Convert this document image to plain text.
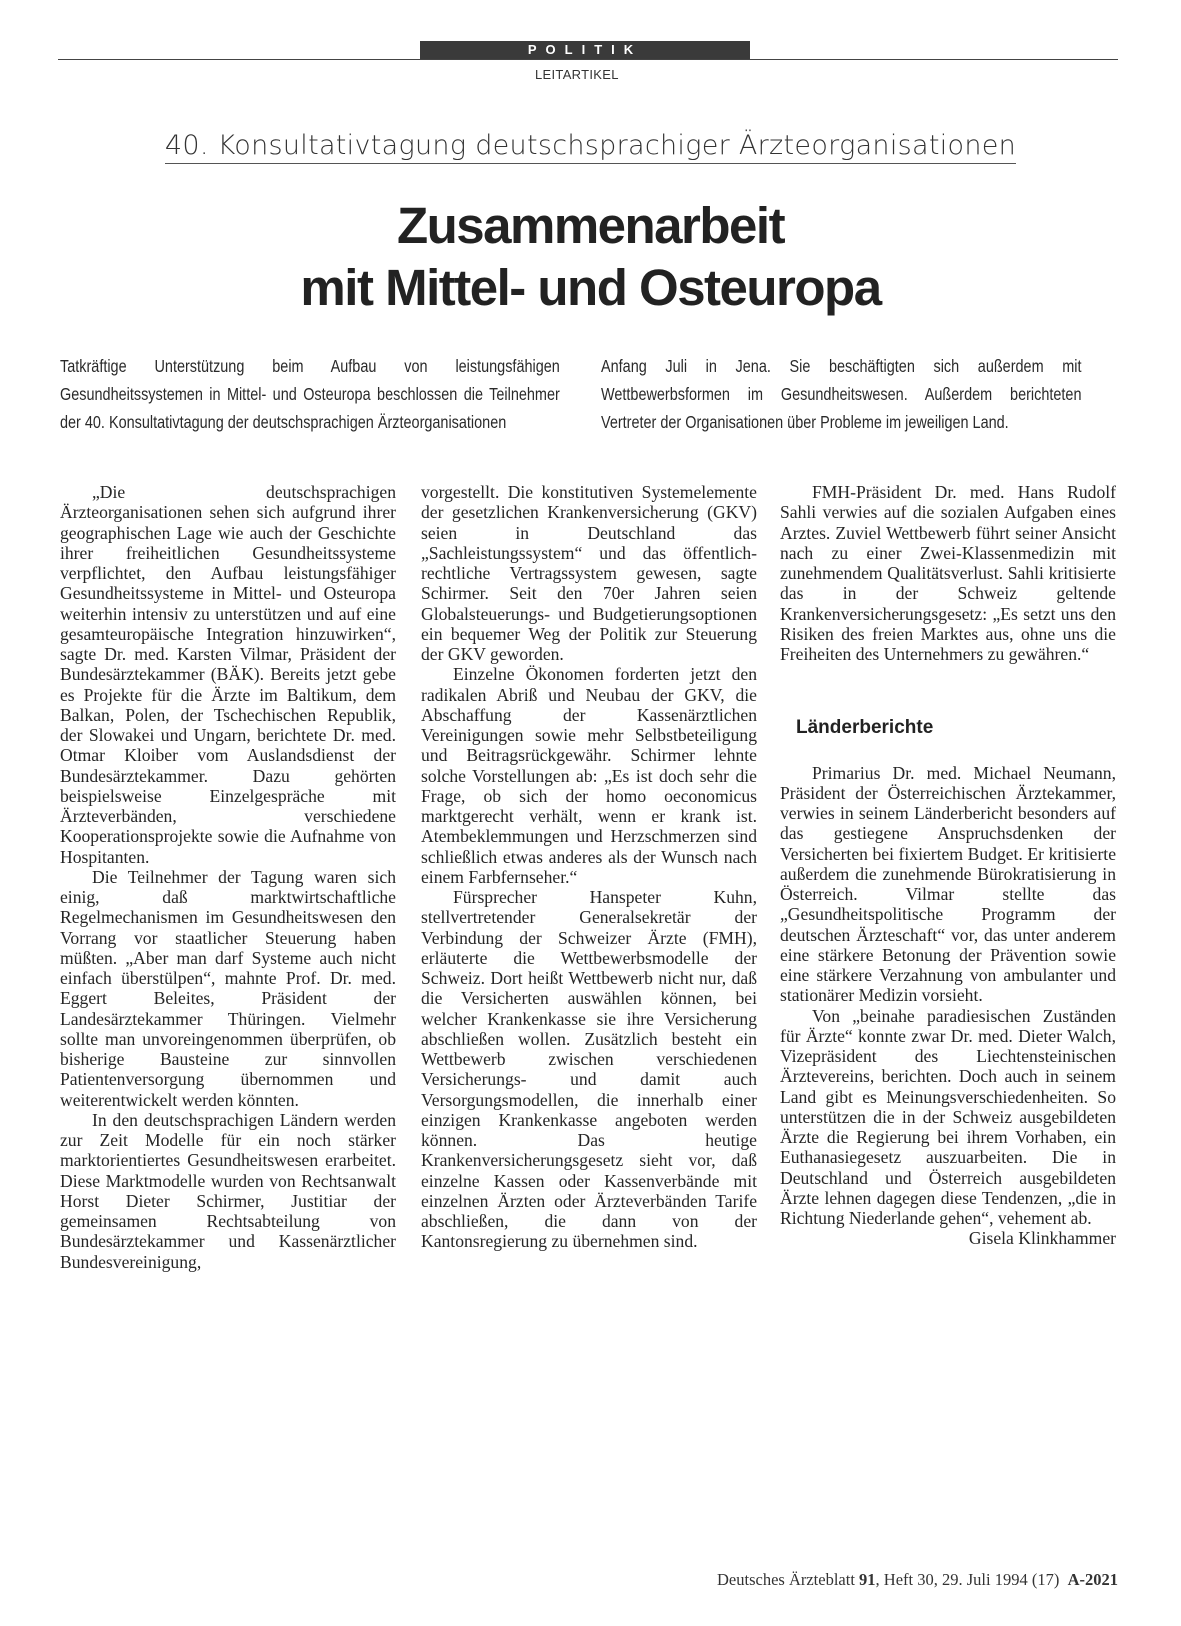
POLITIK
LEITARTIKEL
40. Konsultativtagung deutschsprachiger Ärzteorganisationen
Zusammenarbeit
mit Mittel- und Osteuropa
Tatkräftige Unterstützung beim Aufbau von leistungsfähigen Gesundheitssystemen in Mittel- und Osteuropa beschlossen die Teilnehmer der 40. Konsultativtagung der deutschsprachigen Ärzteorganisationen
Anfang Juli in Jena. Sie beschäftigten sich außerdem mit Wettbewerbsformen im Gesundheitswesen. Außerdem berichteten Vertreter der Organisationen über Probleme im jeweiligen Land.

„Die deutschsprachigen Ärzteorganisationen sehen sich aufgrund ihrer geographischen Lage wie auch der Geschichte ihrer freiheitlichen Gesundheitssysteme verpflichtet, den Aufbau leistungsfähiger Gesundheitssysteme in Mittel- und Osteuropa weiterhin intensiv zu unterstützen und auf eine gesamteuropäische Integration hinzuwirken“, sagte Dr. med. Karsten Vilmar, Präsident der Bundesärztekammer (BÄK). Bereits jetzt gebe es Projekte für die Ärzte im Baltikum, dem Balkan, Polen, der Tschechischen Republik, der Slowakei und Ungarn, berichtete Dr. med. Otmar Kloiber vom Auslandsdienst der Bundesärztekammer. Dazu gehörten beispielsweise Einzelgespräche mit Ärzteverbänden, verschiedene Kooperationsprojekte sowie die Aufnahme von Hospitanten.

Die Teilnehmer der Tagung waren sich einig, daß marktwirtschaftliche Regelmechanismen im Gesundheitswesen den Vorrang vor staatlicher Steuerung haben müßten. „Aber man darf Systeme auch nicht einfach überstülpen“, mahnte Prof. Dr. med. Eggert Beleites, Präsident der Landesärztekammer Thüringen. Vielmehr sollte man unvoreingenommen überprüfen, ob bisherige Bausteine zur sinnvollen Patientenversorgung übernommen und weiterentwickelt werden könnten.

In den deutschsprachigen Ländern werden zur Zeit Modelle für ein noch stärker marktorientiertes Gesundheitswesen erarbeitet. Diese Marktmodelle wurden von Rechtsanwalt Horst Dieter Schirmer, Justitiar der gemeinsamen Rechtsabteilung von Bundesärztekammer und Kassenärztlicher Bundesvereinigung,

vorgestellt. Die konstitutiven Systemelemente der gesetzlichen Krankenversicherung (GKV) seien in Deutschland das „Sachleistungssystem“ und das öffentlich-rechtliche Vertragssystem gewesen, sagte Schirmer. Seit den 70er Jahren seien Globalsteuerungs- und Budgetierungsoptionen ein bequemer Weg der Politik zur Steuerung der GKV geworden.

Einzelne Ökonomen forderten jetzt den radikalen Abriß und Neubau der GKV, die Abschaffung der Kassenärztlichen Vereinigungen sowie mehr Selbstbeteiligung und Beitragsrückgewähr. Schirmer lehnte solche Vorstellungen ab: „Es ist doch sehr die Frage, ob sich der homo oeconomicus marktgerecht verhält, wenn er krank ist. Atembeklemmungen und Herzschmerzen sind schließlich etwas anderes als der Wunsch nach einem Farbfernseher.“

Fürsprecher Hanspeter Kuhn, stellvertretender Generalsekretär der Verbindung der Schweizer Ärzte (FMH), erläuterte die Wettbewerbsmodelle der Schweiz. Dort heißt Wettbewerb nicht nur, daß die Versicherten auswählen können, bei welcher Krankenkasse sie ihre Versicherung abschließen wollen. Zusätzlich besteht ein Wettbewerb zwischen verschiedenen Versicherungs- und damit auch Versorgungsmodellen, die innerhalb einer einzigen Krankenkasse angeboten werden können. Das heutige Krankenversicherungsgesetz sieht vor, daß einzelne Kassen oder Kassenverbände mit einzelnen Ärzten oder Ärzteverbänden Tarife abschließen, die dann von der Kantonsregierung zu übernehmen sind.

FMH-Präsident Dr. med. Hans Rudolf Sahli verwies auf die sozialen Aufgaben eines Arztes. Zuviel Wettbewerb führt seiner Ansicht nach zu einer Zwei-Klassenmedizin mit zunehmendem Qualitätsverlust. Sahli kritisierte das in der Schweiz geltende Krankenversicherungsgesetz: „Es setzt uns den Risiken des freien Marktes aus, ohne uns die Freiheiten des Unternehmers zu gewähren.“

Länderberichte

Primarius Dr. med. Michael Neumann, Präsident der Österreichischen Ärztekammer, verwies in seinem Länderbericht besonders auf das gestiegene Anspruchsdenken der Versicherten bei fixiertem Budget. Er kritisierte außerdem die zunehmende Bürokratisierung in Österreich. Vilmar stellte das „Gesundheitspolitische Programm der deutschen Ärzteschaft“ vor, das unter anderem eine stärkere Betonung der Prävention sowie eine stärkere Verzahnung von ambulanter und stationärer Medizin vorsieht.

Von „beinahe paradiesischen Zuständen für Ärzte“ konnte zwar Dr. med. Dieter Walch, Vizepräsident des Liechtensteinischen Ärztevereins, berichten. Doch auch in seinem Land gibt es Meinungsverschiedenheiten. So unterstützen die in der Schweiz ausgebildeten Ärzte die Regierung bei ihrem Vorhaben, ein Euthanasiegesetz auszuarbeiten. Die in Deutschland und Österreich ausgebildeten Ärzte lehnen dagegen diese Tendenzen, „die in Richtung Niederlande gehen“, vehement ab.

Gisela Klinkhammer

Deutsches Ärzteblatt 91, Heft 30, 29. Juli 1994 (17) A-2021
